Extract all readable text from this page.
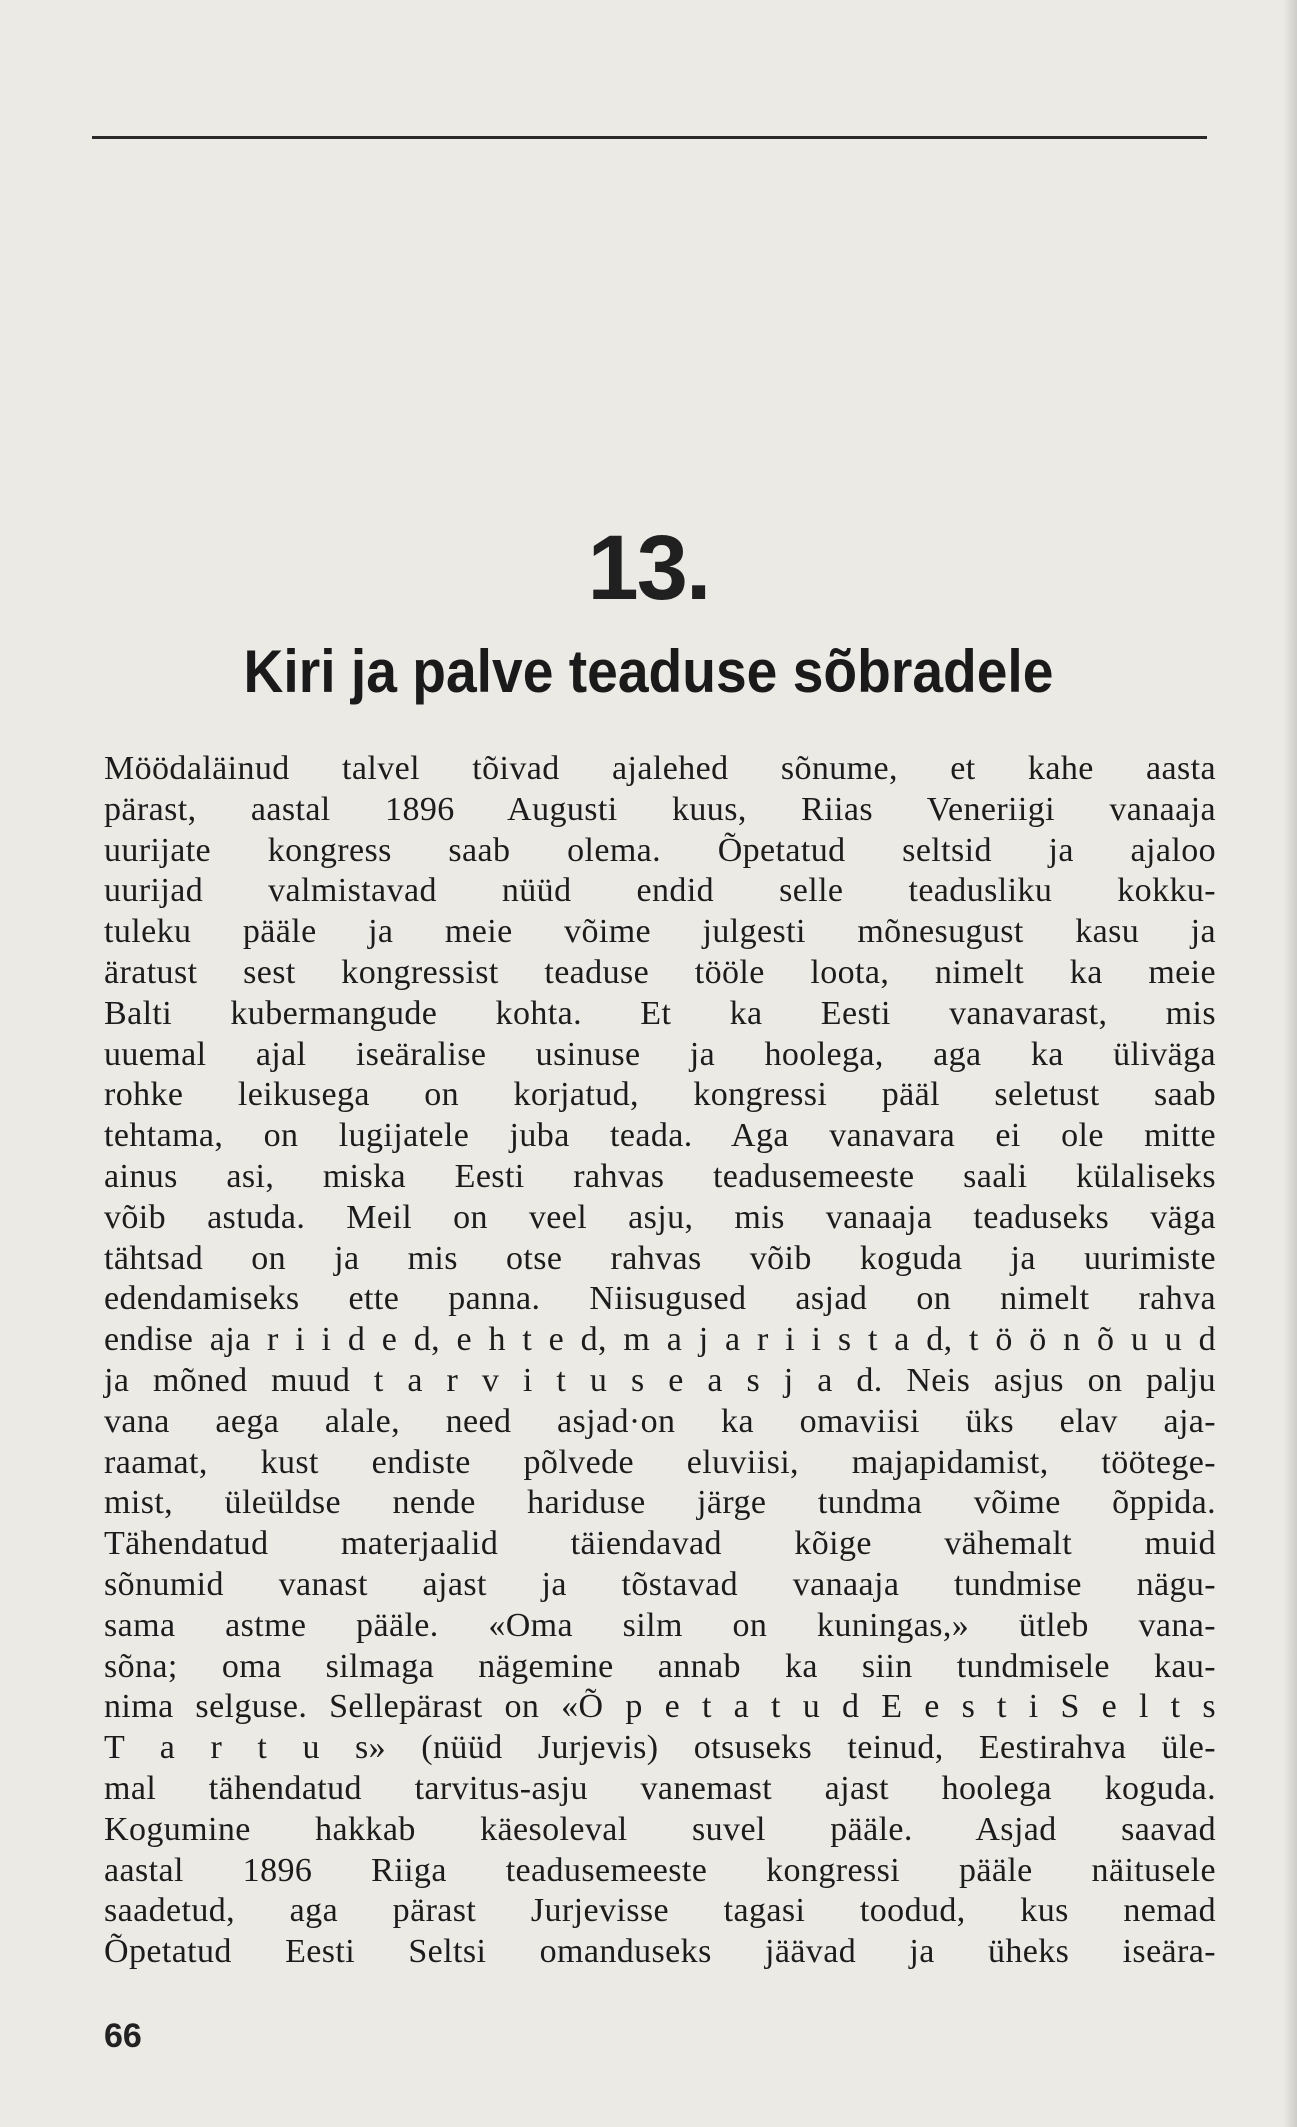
13.
Kiri ja palve teaduse sõbradele
Möödaläinud talvel tõivad ajalehed sõnume, et kahe aasta
pärast, aastal 1896 Augusti kuus, Riias Veneriigi vanaaja
uurijate kongress saab olema. Õpetatud seltsid ja ajaloo
uurijad valmistavad nüüd endid selle teadusliku kokku-
tuleku pääle ja meie võime julgesti mõnesugust kasu ja
äratust sest kongressist teaduse tööle loota, nimelt ka meie
Balti kubermangude kohta. Et ka Eesti vanavarast, mis
uuemal ajal iseäralise usinuse ja hoolega, aga ka üliväga
rohke leikusega on korjatud, kongressi pääl seletust saab
tehtama, on lugijatele juba teada. Aga vanavara ei ole mitte
ainus asi, miska Eesti rahvas teadusemeeste saali külaliseks
võib astuda. Meil on veel asju, mis vanaaja teaduseks väga
tähtsad on ja mis otse rahvas võib koguda ja uurimiste
edendamiseks ette panna. Niisugused asjad on nimelt rahva
endise aja r i i d e d, e h t e d, m a j a r i i s t a d, t ö ö n õ u u d
ja mõned muud t a r v i t u s e a s j a d. Neis asjus on palju
vana aega alale, need asjad·on ka omaviisi üks elav aja-
raamat, kust endiste põlvede eluviisi, majapidamist, töötege-
mist, üleüldse nende hariduse järge tundma võime õppida.
Tähendatud materjaalid täiendavad kõige vähemalt muid
sõnumid vanast ajast ja tõstavad vanaaja tundmise nägu-
sama astme pääle. «Oma silm on kuningas,» ütleb vana-
sõna; oma silmaga nägemine annab ka siin tundmisele kau-
nima selguse. Sellepärast on «Õ p e t a t u d E e s t i S e l t s
T a r t u s» (nüüd Jurjevis) otsuseks teinud, Eestirahva üle-
mal tähendatud tarvitus-asju vanemast ajast hoolega koguda.
Kogumine hakkab käesoleval suvel pääle. Asjad saavad
aastal 1896 Riiga teadusemeeste kongressi pääle näitusele
saadetud, aga pärast Jurjevisse tagasi toodud, kus nemad
Õpetatud Eesti Seltsi omanduseks jäävad ja üheks iseära-
66
